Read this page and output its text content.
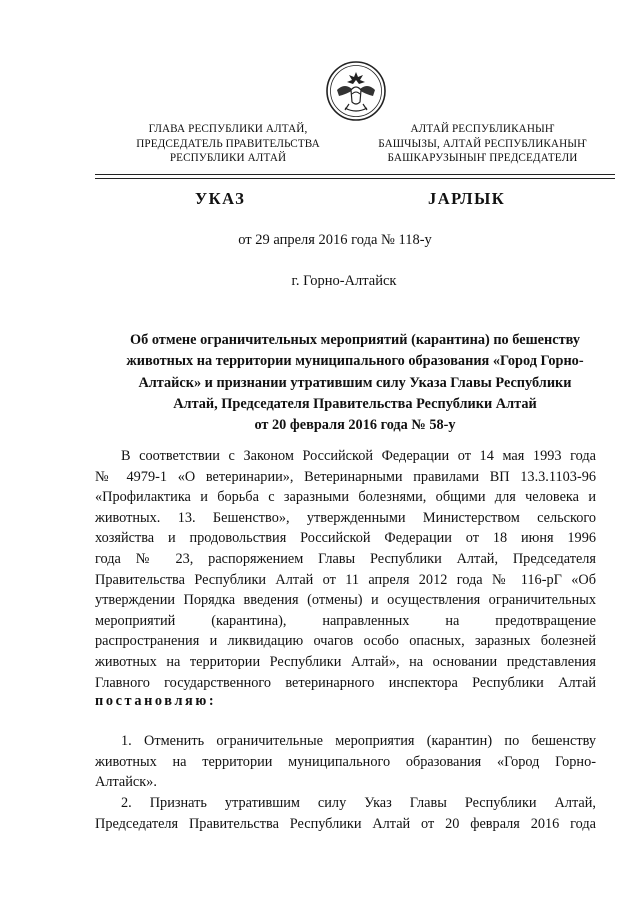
ГЛАВА РЕСПУБЛИКИ АЛТАЙ,
ПРЕДСЕДАТЕЛЬ ПРАВИТЕЛЬСТВА
РЕСПУБЛИКИ АЛТАЙ
АЛТАЙ РЕСПУБЛИКАНЫҤ
БАШЧЫЗЫ, АЛТАЙ РЕСПУБЛИКАНЫҤ
БАШКАРУЗЫНЫҤ ПРЕДСЕДАТЕЛИ
УКАЗ	JАРЛЫК
от 29 апреля 2016 года № 118-у
г. Горно-Алтайск
Об отмене ограничительных мероприятий (карантина) по бешенству
животных на территории муниципального образования «Город Горно-
Алтайск» и признании утратившим силу Указа Главы Республики
Алтай, Председателя Правительства Республики Алтай
от 20 февраля 2016 года № 58-у
В соответствии с Законом Российской Федерации от 14 мая 1993 года
№ 4979-1 «О ветеринарии», Ветеринарными правилами ВП 13.3.1103-96
«Профилактика и борьба с заразными болезнями, общими для человека и
животных. 13. Бешенство», утвержденными Министерством сельского
хозяйства и продовольствия Российской Федерации от 18 июня 1996
года № 23, распоряжением Главы Республики Алтай, Председателя
Правительства Республики Алтай от 11 апреля 2012 года № 116-рГ «Об
утверждении Порядка введения (отмены) и осуществления ограничительных
мероприятий (карантина), направленных на предотвращение
распространения и ликвидацию очагов особо опасных, заразных болезней
животных на территории Республики Алтай», на основании представления
Главного государственного ветеринарного инспектора Республики Алтай
постановляю:
1. Отменить ограничительные мероприятия (карантин) по бешенству
животных на территории муниципального образования «Город Горно-
Алтайск».
2. Признать утратившим силу Указ Главы Республики Алтай,
Председателя Правительства Республики Алтай от 20 февраля 2016 года
